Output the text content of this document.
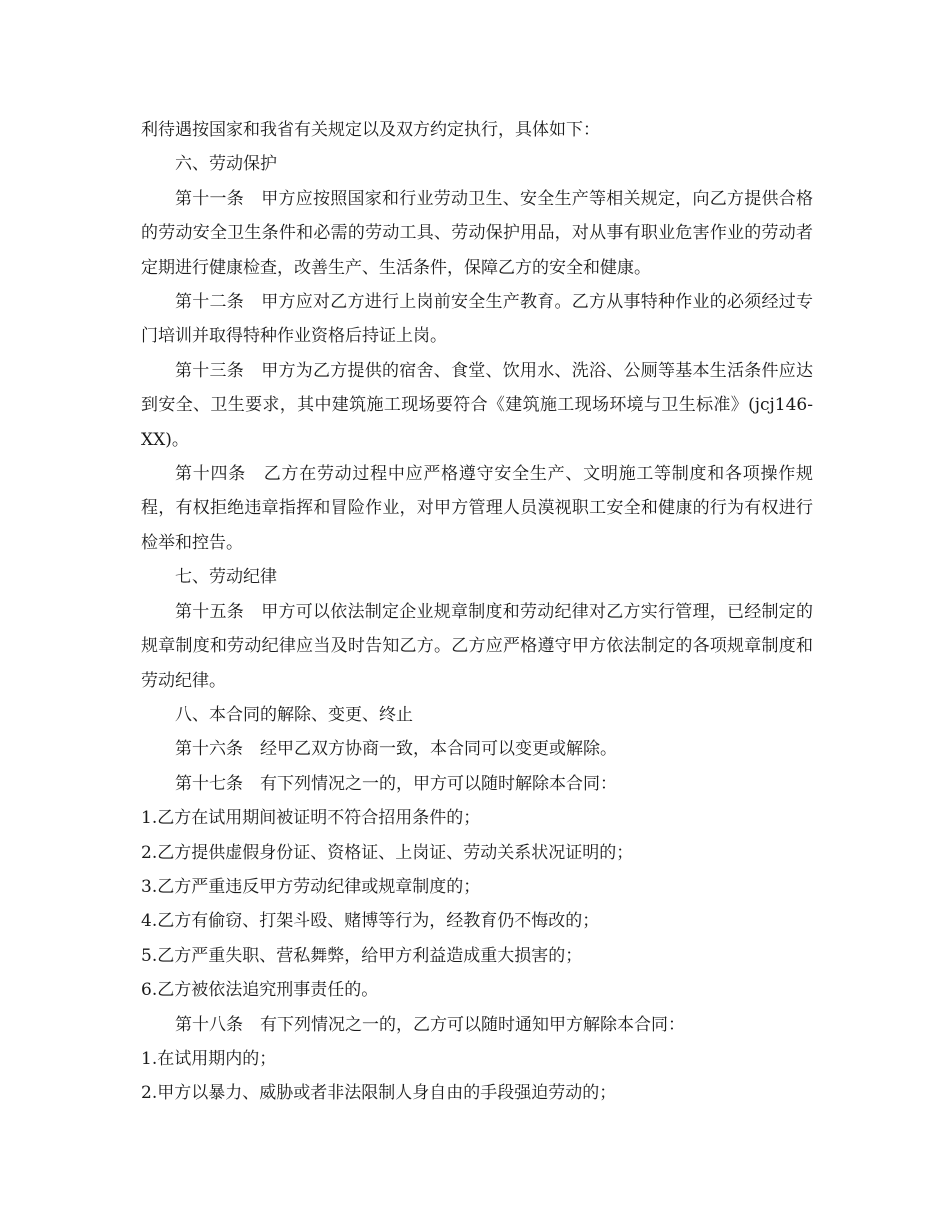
利待遇按国家和我省有关规定以及双方约定执行，具体如下：

六、劳动保护

第十一条　甲方应按照国家和行业劳动卫生、安全生产等相关规定，向乙方提供合格的劳动安全卫生条件和必需的劳动工具、劳动保护用品，对从事有职业危害作业的劳动者定期进行健康检查，改善生产、生活条件，保障乙方的安全和健康。

第十二条　甲方应对乙方进行上岗前安全生产教育。乙方从事特种作业的必须经过专门培训并取得特种作业资格后持证上岗。

第十三条　甲方为乙方提供的宿舍、食堂、饮用水、洗浴、公厕等基本生活条件应达到安全、卫生要求，其中建筑施工现场要符合《建筑施工现场环境与卫生标准》(jcj146-XX)。

第十四条　乙方在劳动过程中应严格遵守安全生产、文明施工等制度和各项操作规程，有权拒绝违章指挥和冒险作业，对甲方管理人员漠视职工安全和健康的行为有权进行检举和控告。

七、劳动纪律

第十五条　甲方可以依法制定企业规章制度和劳动纪律对乙方实行管理，已经制定的规章制度和劳动纪律应当及时告知乙方。乙方应严格遵守甲方依法制定的各项规章制度和劳动纪律。

八、本合同的解除、变更、终止

第十六条　经甲乙双方协商一致，本合同可以变更或解除。

第十七条　有下列情况之一的，甲方可以随时解除本合同：

1.乙方在试用期间被证明不符合招用条件的；

2.乙方提供虚假身份证、资格证、上岗证、劳动关系状况证明的；

3.乙方严重违反甲方劳动纪律或规章制度的；

4.乙方有偷窃、打架斗殴、赌博等行为，经教育仍不悔改的；

5.乙方严重失职、营私舞弊，给甲方利益造成重大损害的；

6.乙方被依法追究刑事责任的。

第十八条　有下列情况之一的，乙方可以随时通知甲方解除本合同：

1.在试用期内的；

2.甲方以暴力、威胁或者非法限制人身自由的手段强迫劳动的；
